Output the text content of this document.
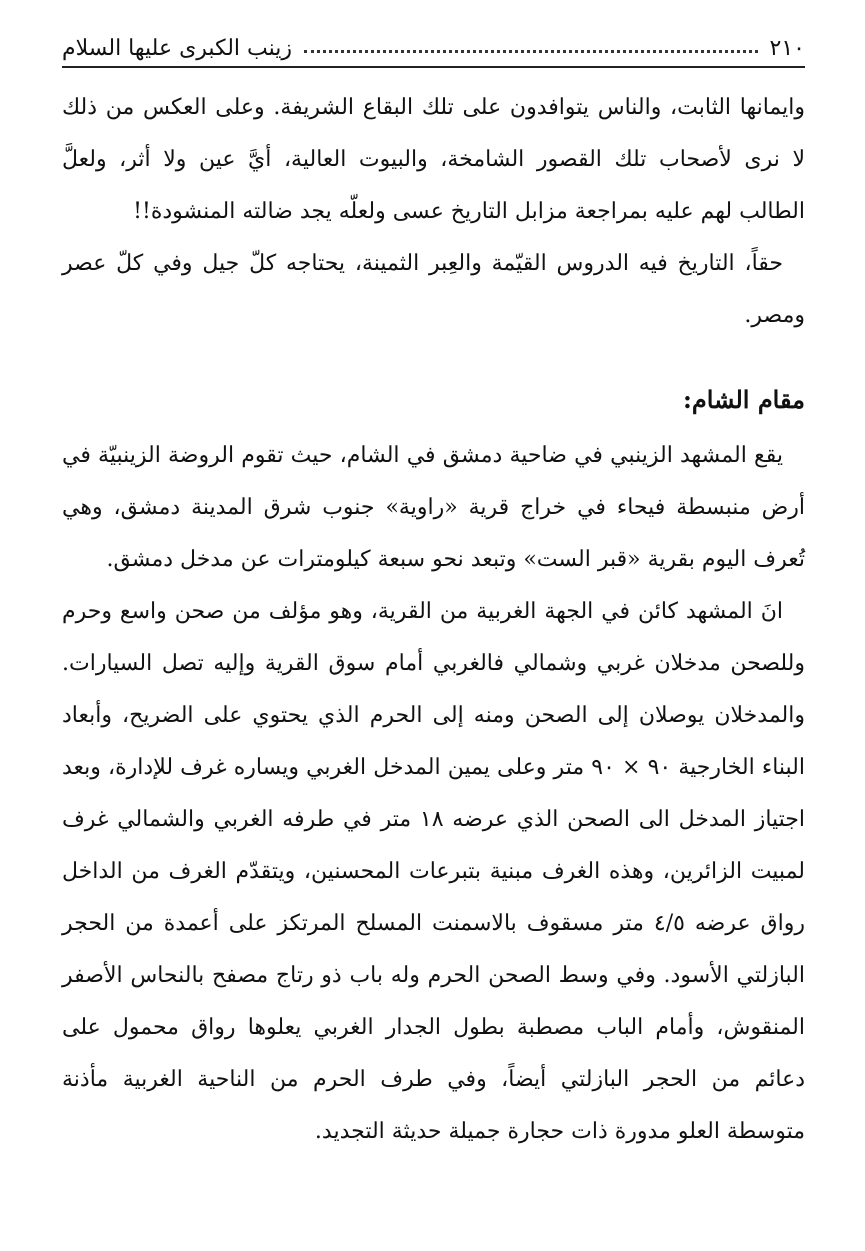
٢١٠
زينب الكبرى عليها السلام

وايمانها الثابت، والناس يتوافدون على تلك البقاع الشريفة. وعلى العكس من ذلك لا نرى لأصحاب تلك القصور الشامخة، والبيوت العالية، أيَّ عين ولا أثر، ولعلَّ الطالب لهم عليه بمراجعة مزابل التاريخ عسى ولعلّه يجد ضالته المنشودة!!

حقاً، التاريخ فيه الدروس القيّمة والعِبر الثمينة، يحتاجه كلّ جيل وفي كلّ عصر ومصر.

مقام الشام:

يقع المشهد الزينبي في ضاحية دمشق في الشام، حيث تقوم الروضة الزينبيّة في أرض منبسطة فيحاء في خراج قرية «راوية» جنوب شرق المدينة دمشق، وهي تُعرف اليوم بقرية «قبر الست» وتبعد نحو سبعة كيلومترات عن مدخل دمشق.

انَ المشهد كائن في الجهة الغربية من القرية، وهو مؤلف من صحن واسع وحرم وللصحن مدخلان غربي وشمالي فالغربي أمام سوق القرية وإليه تصل السيارات. والمدخلان يوصلان إلى الصحن ومنه إلى الحرم الذي يحتوي على الضريح، وأبعاد البناء الخارجية ٩٠ × ٩٠ متر وعلى يمين المدخل الغربي ويساره غرف للإدارة، وبعد اجتياز المدخل الى الصحن الذي عرضه ١٨ متر في طرفه الغربي والشمالي غرف لمبيت الزائرين، وهذه الغرف مبنية بتبرعات المحسنين، ويتقدّم الغرف من الداخل رواق عرضه ٤/٥ متر مسقوف بالاسمنت المسلح المرتكز على أعمدة من الحجر البازلتي الأسود. وفي وسط الصحن الحرم وله باب ذو رتاج مصفح بالنحاس الأصفر المنقوش، وأمام الباب مصطبة بطول الجدار الغربي يعلوها رواق محمول على دعائم من الحجر البازلتي أيضاً، وفي طرف الحرم من الناحية الغربية مأذنة متوسطة العلو مدورة ذات حجارة جميلة حديثة التجديد.
